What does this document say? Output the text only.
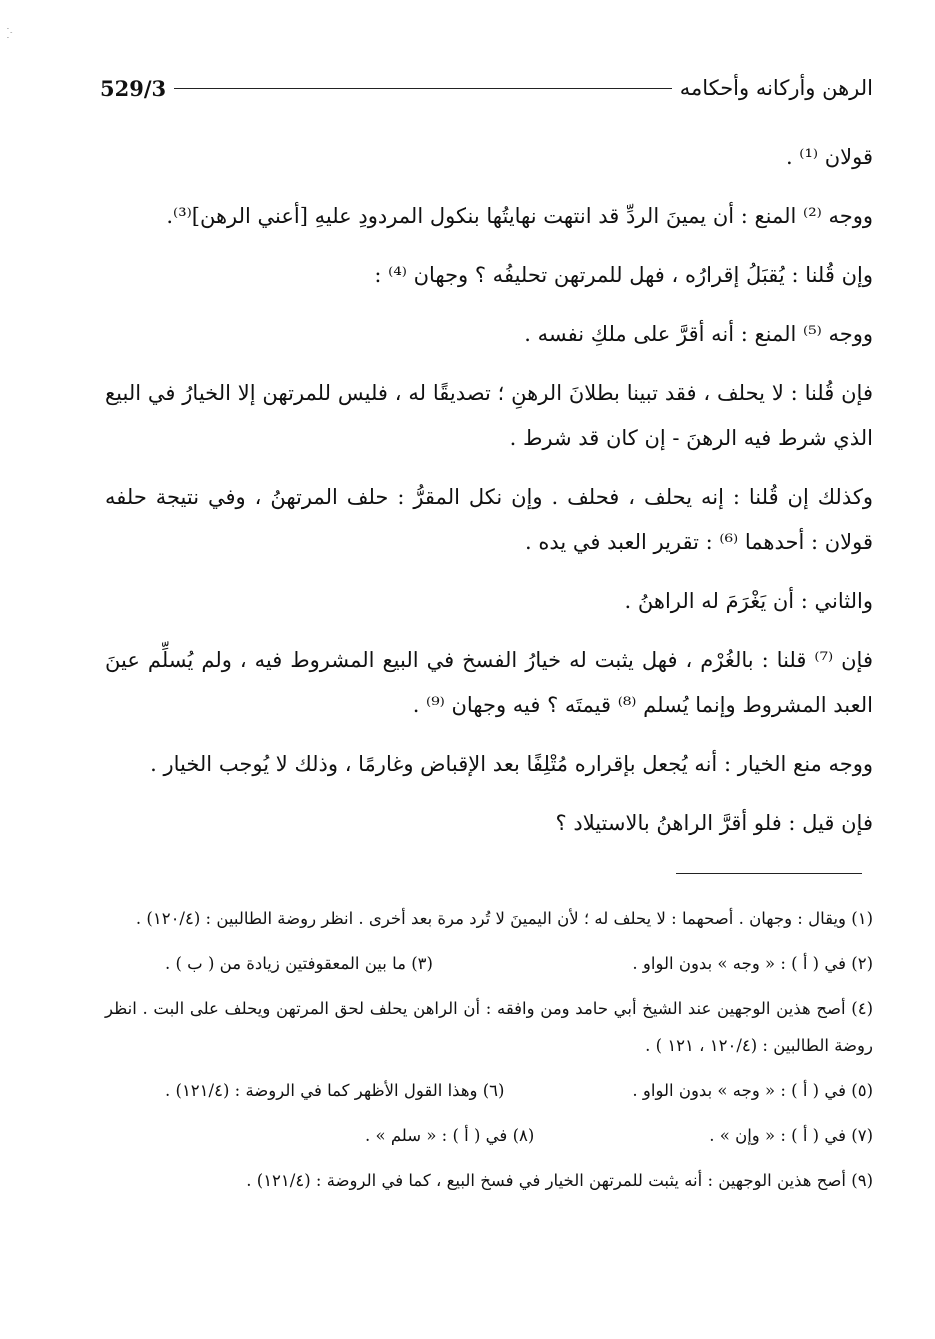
ⴾ
الرهن وأركانه وأحكامه
529/3

قولان ⁽¹⁾ .

ووجه ⁽²⁾ المنع : أن يمينَ الردِّ قد انتهت نهايتُها بنكول المردودِ عليهِ [أعني الرهن]⁽³⁾.

وإن قُلنا : يُقبَلُ إقرارُه ، فهل للمرتهن تحليفُه ؟ وجهان ⁽⁴⁾ :

ووجه ⁽⁵⁾ المنع : أنه أقرَّ على ملكِ نفسه .

فإن قُلنا : لا يحلف ، فقد تبينا بطلانَ الرهنِ ؛ تصديقًا له ، فليس للمرتهن إلا الخيارُ في البيع الذي شرط فيه الرهنَ - إن كان قد شرط .

وكذلك إن قُلنا : إنه يحلف ، فحلف . وإن نكل المقرُّ : حلف المرتهنُ ، وفي نتيجة حلفه قولان : أحدهما ⁽⁶⁾ : تقرير العبد في يده .

والثاني : أن يَغْرَمَ له الراهنُ .

فإن ⁽⁷⁾ قلنا : بالغُرْم ، فهل يثبت له خيارُ الفسخ في البيع المشروط فيه ، ولم يُسلِّم عينَ العبد المشروط وإنما يُسلم ⁽⁸⁾ قيمتَه ؟ فيه وجهان ⁽⁹⁾ .

ووجه منع الخيار : أنه يُجعل بإقراره مُتْلِفًا بعد الإقباض وغارمًا ، وذلك لا يُوجب الخيار .

فإن قيل : فلو أقرَّ الراهنُ بالاستيلاد ؟

(١) ويقال : وجهان . أصحهما : لا يحلف له ؛ لأن اليمينَ لا تُرد مرة بعد أخرى . انظر روضة الطالبين : (١٢٠/٤) .

(٢) في ( أ ) : « وجه » بدون الواو .
(٣) ما بين المعقوفتين زيادة من ( ب ) .

(٤) أصح هذين الوجهين عند الشيخ أبي حامد ومن وافقه : أن الراهن يحلف لحق المرتهن ويحلف على البت . انظر روضة الطالبين : (١٢٠/٤ ، ١٢١ ) .

(٥) في ( أ ) : « وجه » بدون الواو .
(٦) وهذا القول الأظهر كما في الروضة : (١٢١/٤) .
(٧) في ( أ ) : « وإن » .
(٨) في ( أ ) : « سلم » .

(٩) أصح هذين الوجهين : أنه يثبت للمرتهن الخيار في فسخ البيع ، كما في الروضة : (١٢١/٤) .
